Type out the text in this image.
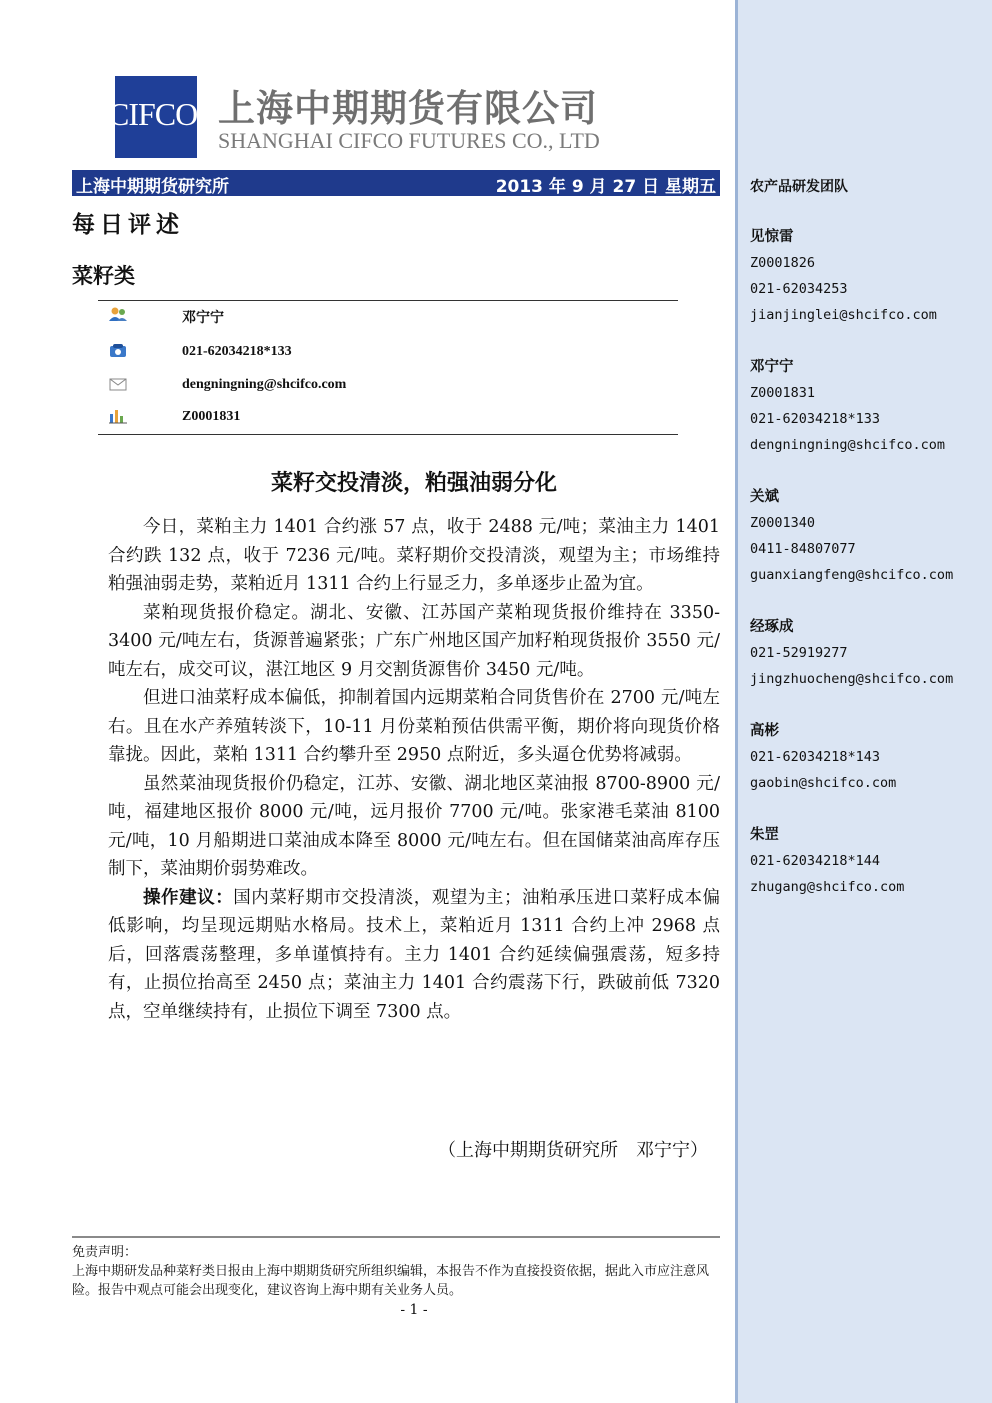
农产品研发团队
见惊雷
Z0001826
021-62034253
jianjinglei@shcifco.com
邓宁宁
Z0001831
021-62034218*133
dengningning@shcifco.com
关斌
Z0001340
0411-84807077
guanxiangfeng@shcifco.com
经琢成
021-52919277
jingzhuocheng@shcifco.com
高彬
021-62034218*143
gaobin@shcifco.com
朱罡
021-62034218*144
zhugang@shcifco.com
CIFCO 上海中期期货有限公司
SHANGHAI CIFCO FUTURES CO., LTD
上海中期期货研究所	2013 年 9 月 27 日 星期五
每日评述
菜籽类
邓宁宁
021-62034218*133
dengningning@shcifco.com
Z0001831
菜籽交投清淡，粕强油弱分化

今日，菜粕主力 1401 合约涨 57 点，收于 2488 元/吨；菜油主力 1401 合约跌 132 点，收于 7236 元/吨。菜籽期价交投清淡，观望为主；市场维持粕强油弱走势，菜粕近月 1311 合约上行显乏力，多单逐步止盈为宜。

菜粕现货报价稳定。湖北、安徽、江苏国产菜粕现货报价维持在 3350-3400 元/吨左右，货源普遍紧张；广东广州地区国产加籽粕现货报价 3550 元/吨左右，成交可议，湛江地区 9 月交割货源售价 3450 元/吨。

但进口油菜籽成本偏低，抑制着国内远期菜粕合同货售价在 2700 元/吨左右。且在水产养殖转淡下，10-11 月份菜粕预估供需平衡，期价将向现货价格靠拢。因此，菜粕 1311 合约攀升至 2950 点附近，多头逼仓优势将减弱。

虽然菜油现货报价仍稳定，江苏、安徽、湖北地区菜油报 8700-8900 元/吨，福建地区报价 8000 元/吨，远月报价 7700 元/吨。张家港毛菜油 8100 元/吨，10 月船期进口菜油成本降至 8000 元/吨左右。但在国储菜油高库存压制下，菜油期价弱势难改。

操作建议：国内菜籽期市交投清淡，观望为主；油粕承压进口菜籽成本偏低影响，均呈现远期贴水格局。技术上，菜粕近月 1311 合约上冲 2968 点后，回落震荡整理，多单谨慎持有。主力 1401 合约延续偏强震荡，短多持有，止损位抬高至 2450 点；菜油主力 1401 合约震荡下行，跌破前低 7320 点，空单继续持有，止损位下调至 7300 点。

（上海中期期货研究所　邓宁宁）
免责声明：
上海中期研发品种菜籽类日报由上海中期期货研究所组织编辑，本报告不作为直接投资依据，据此入市应注意风险。报告中观点可能会出现变化，建议咨询上海中期有关业务人员。
- 1 -
